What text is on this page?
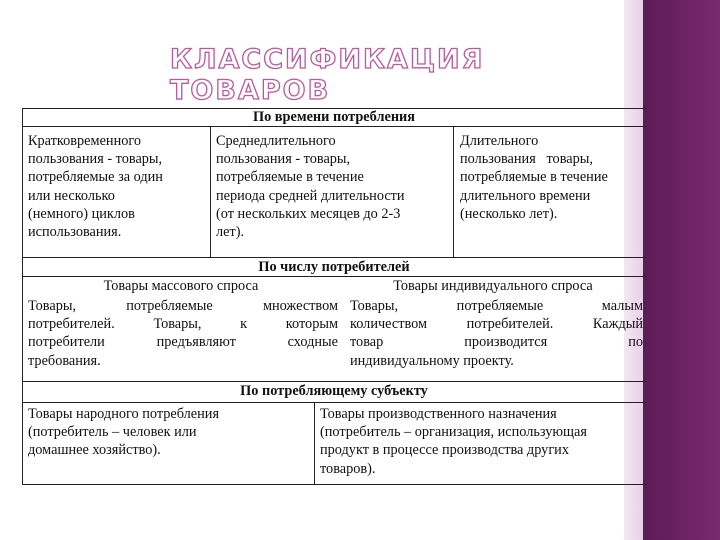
КЛАССИФИКАЦИЯ ТОВАРОВ
По времени потребления
Кратковременного
пользования - товары,
потребляемые за один
или несколько
(немного) циклов
использования.
Среднедлительного
пользования - товары,
потребляемые в течение
периода средней длительности
(от нескольких месяцев до 2-3
лет).
Длительного
пользования   товары,
потребляемые в течение
длительного времени
(несколько лет).
По числу потребителей
Товары массового спроса	Товары индивидуального спроса
Товары, потребляемые множеством
потребителей. Товары, к которым
потребители предъявляют сходные
требования.
Товары, потребляемые малым
количеством потребителей. Каждый
товар производится по
индивидуальному проекту.
По потребляющему субъекту
Товары народного потребления
(потребитель – человек или
домашнее хозяйство).
Товары производственного назначения
(потребитель – организация, использующая
продукт в процессе производства других
товаров).
